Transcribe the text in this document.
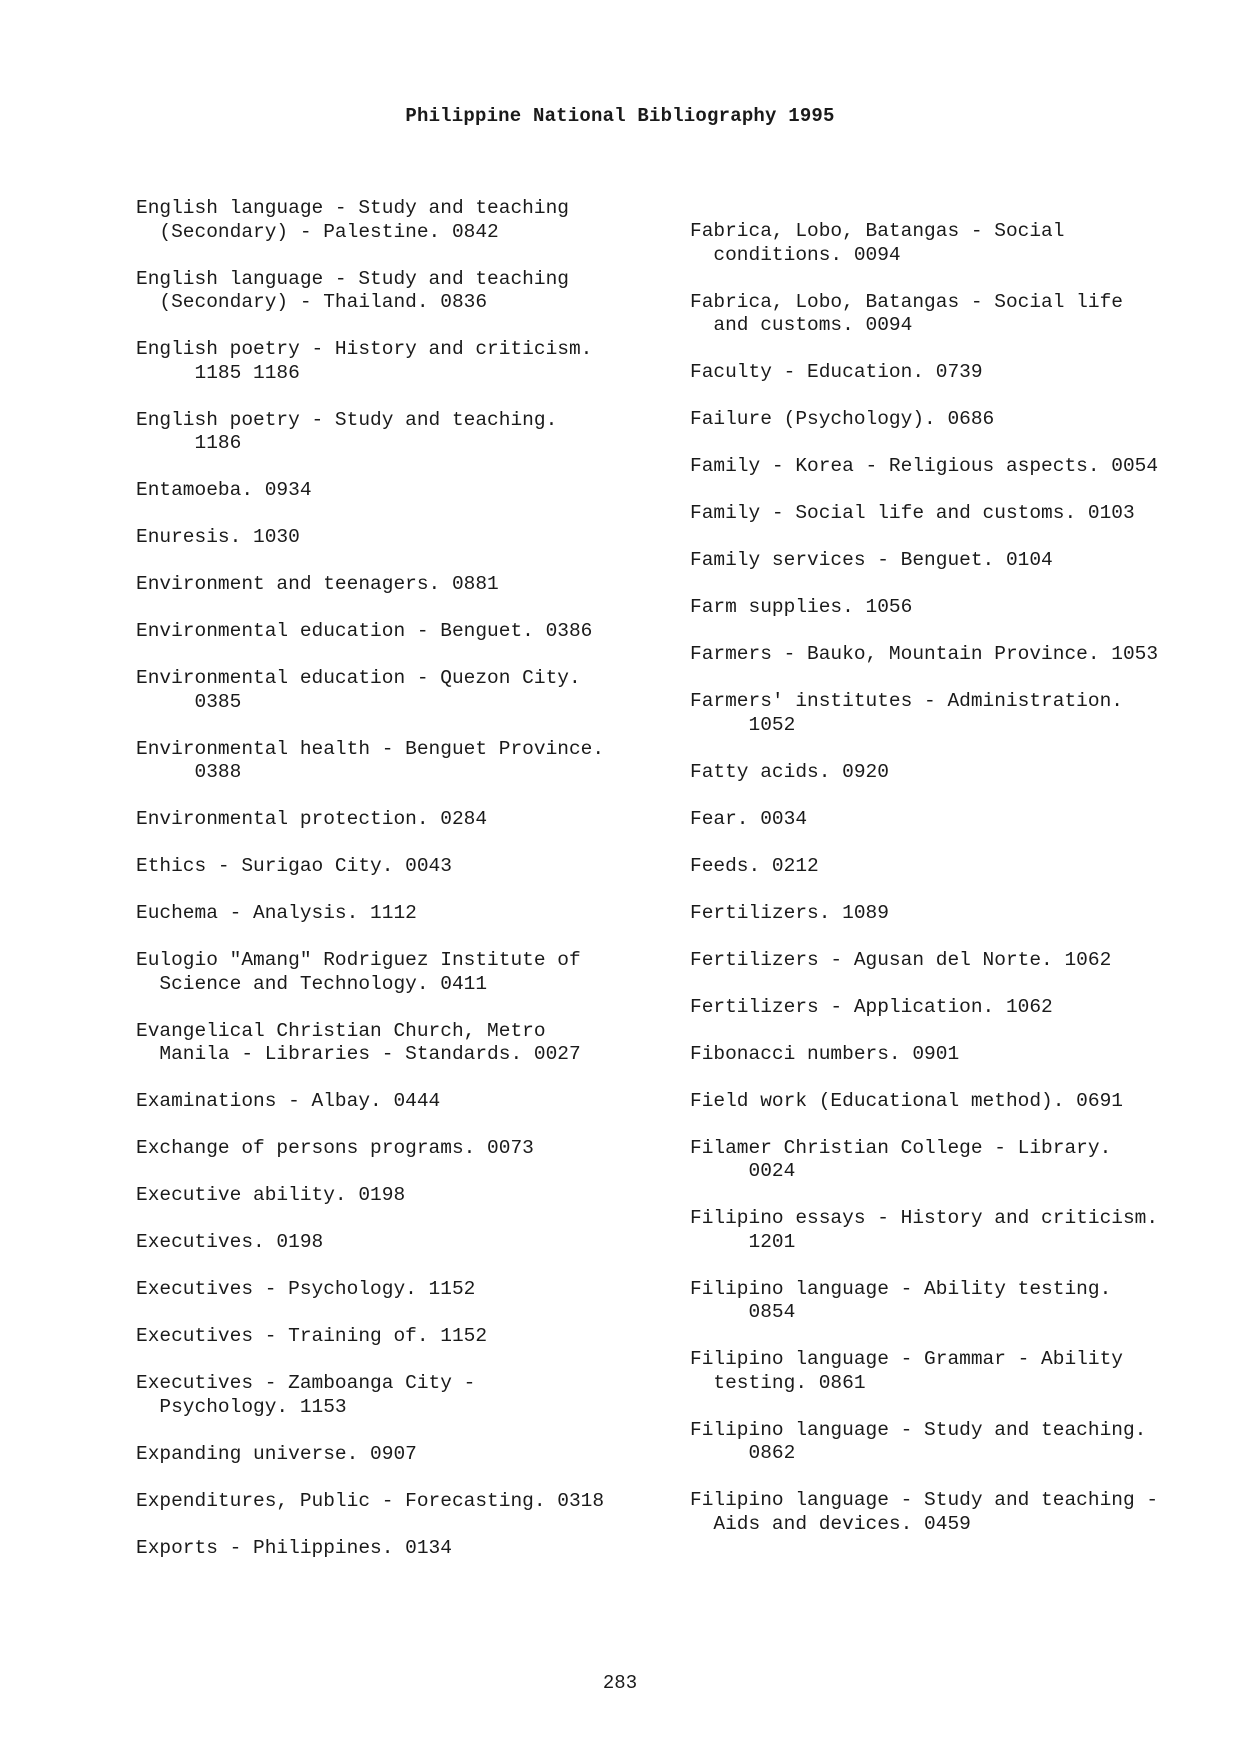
Philippine National Bibliography 1995
English language - Study and teaching
(Secondary) - Palestine. 0842
English language - Study and teaching
(Secondary) - Thailand. 0836
English poetry - History and criticism.
1185 1186
English poetry - Study and teaching.
1186
Entamoeba. 0934
Enuresis. 1030
Environment and teenagers. 0881
Environmental education - Benguet. 0386
Environmental education - Quezon City.
0385
Environmental health - Benguet Province.
0388
Environmental protection. 0284
Ethics - Surigao City. 0043
Euchema - Analysis. 1112
Eulogio "Amang" Rodriguez Institute of
Science and Technology. 0411
Evangelical Christian Church, Metro
Manila - Libraries - Standards. 0027
Examinations - Albay. 0444
Exchange of persons programs. 0073
Executive ability. 0198
Executives. 0198
Executives - Psychology. 1152
Executives - Training of. 1152
Executives - Zamboanga City -
Psychology. 1153
Expanding universe. 0907
Expenditures, Public - Forecasting. 0318
Exports - Philippines. 0134
Fabrica, Lobo, Batangas - Social
conditions. 0094
Fabrica, Lobo, Batangas - Social life
and customs. 0094
Faculty - Education. 0739
Failure (Psychology). 0686
Family - Korea - Religious aspects. 0054
Family - Social life and customs. 0103
Family services - Benguet. 0104
Farm supplies. 1056
Farmers - Bauko, Mountain Province. 1053
Farmers' institutes - Administration.
1052
Fatty acids. 0920
Fear. 0034
Feeds. 0212
Fertilizers. 1089
Fertilizers - Agusan del Norte. 1062
Fertilizers - Application. 1062
Fibonacci numbers. 0901
Field work (Educational method). 0691
Filamer Christian College - Library.
0024
Filipino essays - History and criticism.
1201
Filipino language - Ability testing.
0854
Filipino language - Grammar - Ability
testing. 0861
Filipino language - Study and teaching.
0862
Filipino language - Study and teaching -
Aids and devices. 0459
283
